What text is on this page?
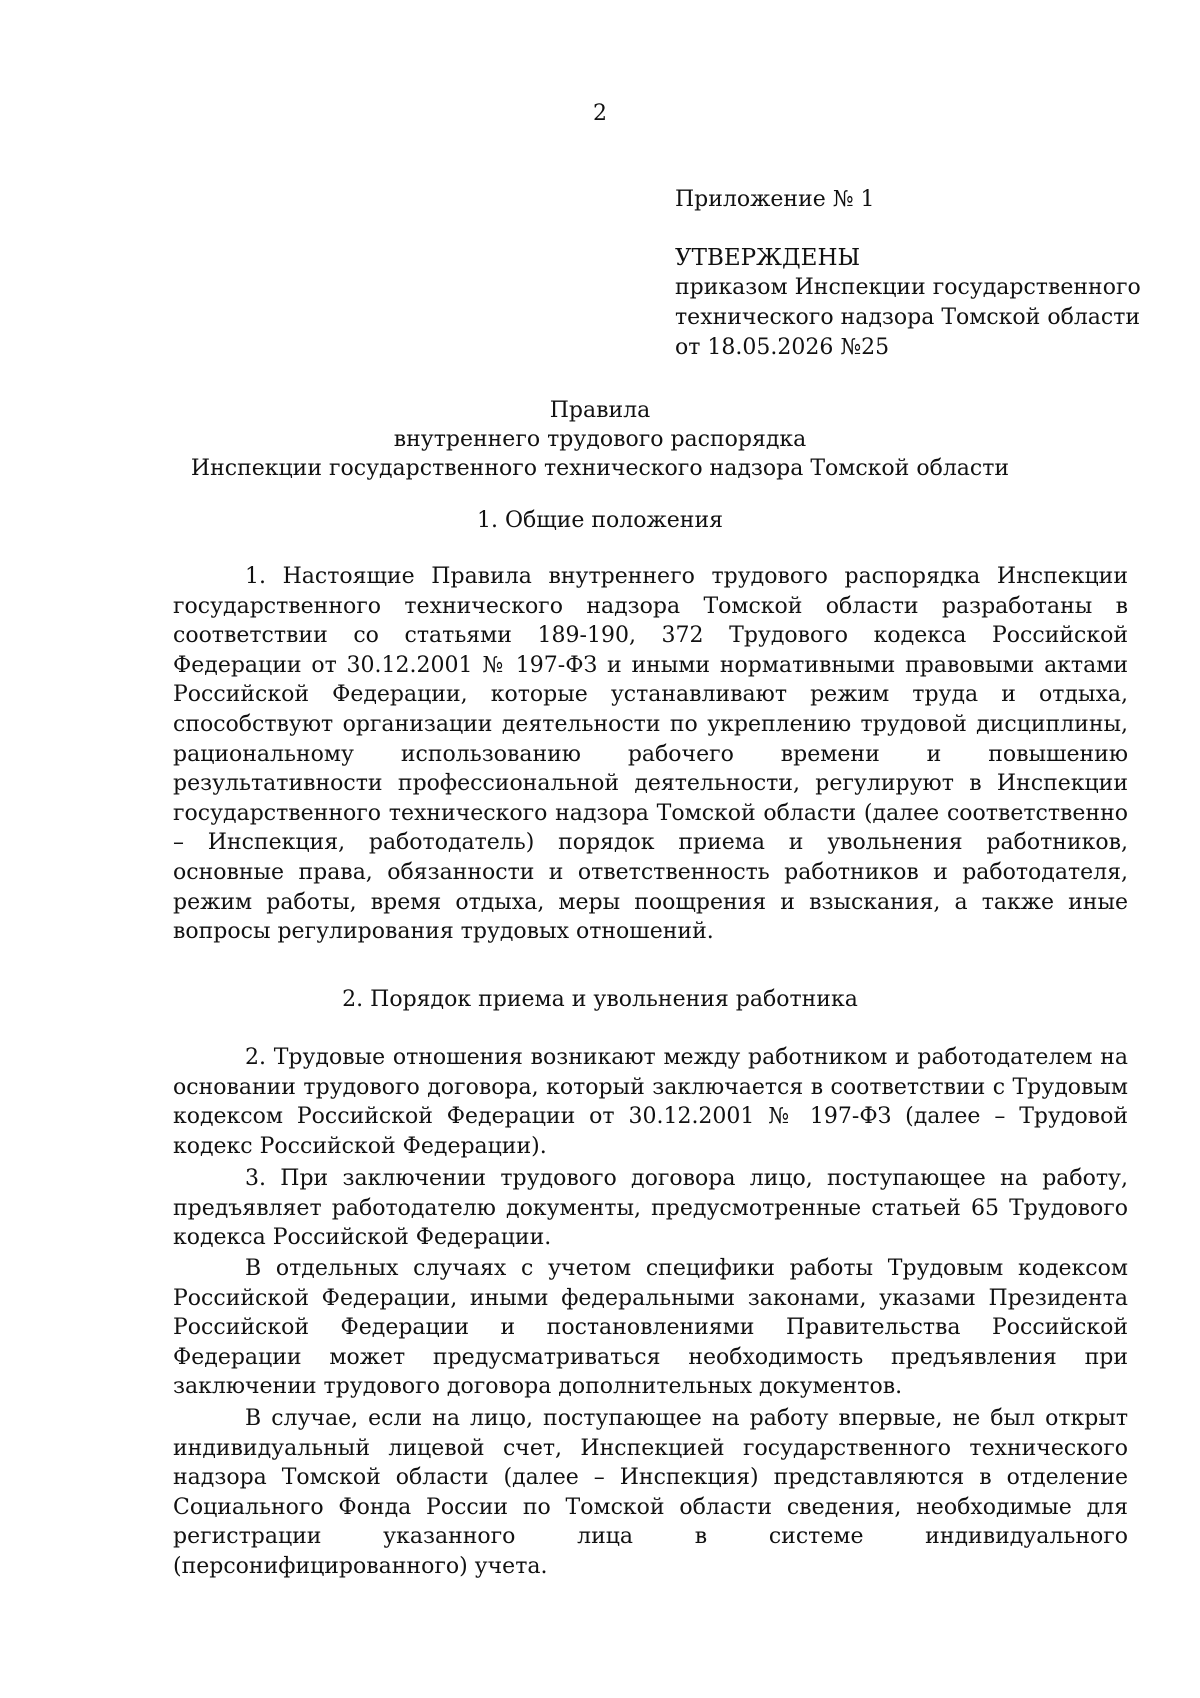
2
Приложение № 1
УТВЕРЖДЕНЫ
приказом Инспекции государственного
технического надзора Томской области
от 18.05.2026 №25
Правила
внутреннего трудового распорядка
Инспекции государственного технического надзора Томской области
1. Общие положения

1. Настоящие Правила внутреннего трудового распорядка Инспекции государственного технического надзора Томской области разработаны в соответствии со статьями 189-190, 372 Трудового кодекса Российской Федерации от 30.12.2001 № 197-ФЗ и иными нормативными правовыми актами Российской Федерации, которые устанавливают режим труда и отдыха, способствуют организации деятельности по укреплению трудовой дисциплины, рациональному использованию рабочего времени и повышению результативности профессиональной деятельности, регулируют в Инспекции государственного технического надзора Томской области (далее соответственно – Инспекция, работодатель) порядок приема и увольнения работников, основные права, обязанности и ответственность работников и работодателя, режим работы, время отдыха, меры поощрения и взыскания, а также иные вопросы регулирования трудовых отношений.

2. Порядок приема и увольнения работника

2. Трудовые отношения возникают между работником и работодателем на основании трудового договора, который заключается в соответствии с Трудовым кодексом Российской Федерации от 30.12.2001 № 197-ФЗ (далее – Трудовой кодекс Российской Федерации).

3. При заключении трудового договора лицо, поступающее на работу, предъявляет работодателю документы, предусмотренные статьей 65 Трудового кодекса Российской Федерации.

В отдельных случаях с учетом специфики работы Трудовым кодексом Российской Федерации, иными федеральными законами, указами Президента Российской Федерации и постановлениями Правительства Российской Федерации может предусматриваться необходимость предъявления при заключении трудового договора дополнительных документов.

В случае, если на лицо, поступающее на работу впервые, не был открыт индивидуальный лицевой счет, Инспекцией государственного технического надзора Томской области (далее – Инспекция) представляются в отделение Социального Фонда России по Томской области сведения, необходимые для регистрации указанного лица в системе индивидуального (персонифицированного) учета.
